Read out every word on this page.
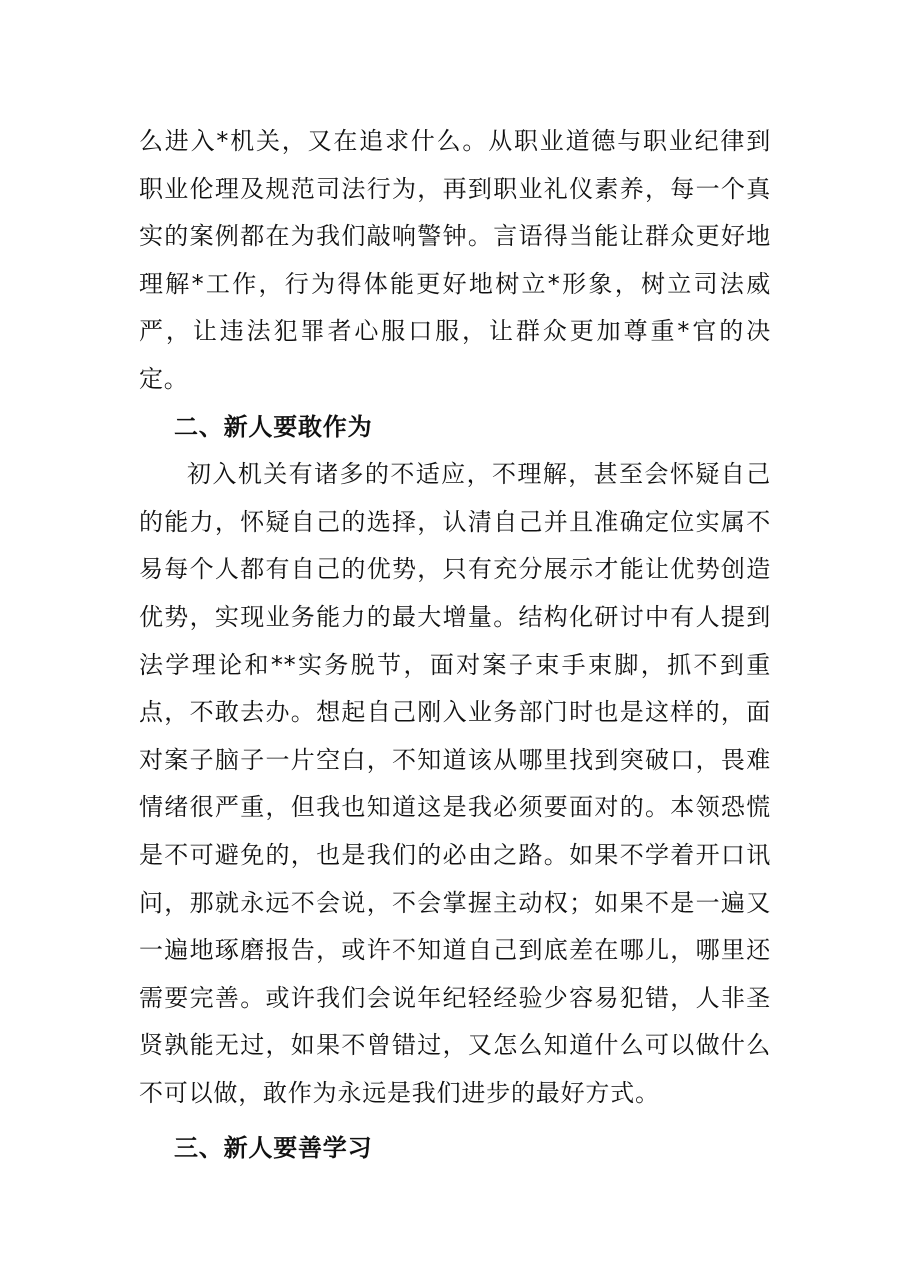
么进入*机关，又在追求什么。从职业道德与职业纪律到职业伦理及规范司法行为，再到职业礼仪素养，每一个真实的案例都在为我们敲响警钟。言语得当能让群众更好地理解*工作，行为得体能更好地树立*形象，树立司法威严，让违法犯罪者心服口服，让群众更加尊重*官的决定。

二、新人要敢作为

初入机关有诸多的不适应，不理解，甚至会怀疑自己的能力，怀疑自己的选择，认清自己并且准确定位实属不易每个人都有自己的优势，只有充分展示才能让优势创造优势，实现业务能力的最大增量。结构化研讨中有人提到法学理论和**实务脱节，面对案子束手束脚，抓不到重点，不敢去办。想起自己刚入业务部门时也是这样的，面对案子脑子一片空白，不知道该从哪里找到突破口，畏难情绪很严重，但我也知道这是我必须要面对的。本领恐慌是不可避免的，也是我们的必由之路。如果不学着开口讯问，那就永远不会说，不会掌握主动权；如果不是一遍又一遍地琢磨报告，或许不知道自己到底差在哪儿，哪里还需要完善。或许我们会说年纪轻经验少容易犯错，人非圣贤孰能无过，如果不曾错过，又怎么知道什么可以做什么不可以做，敢作为永远是我们进步的最好方式。

三、新人要善学习
